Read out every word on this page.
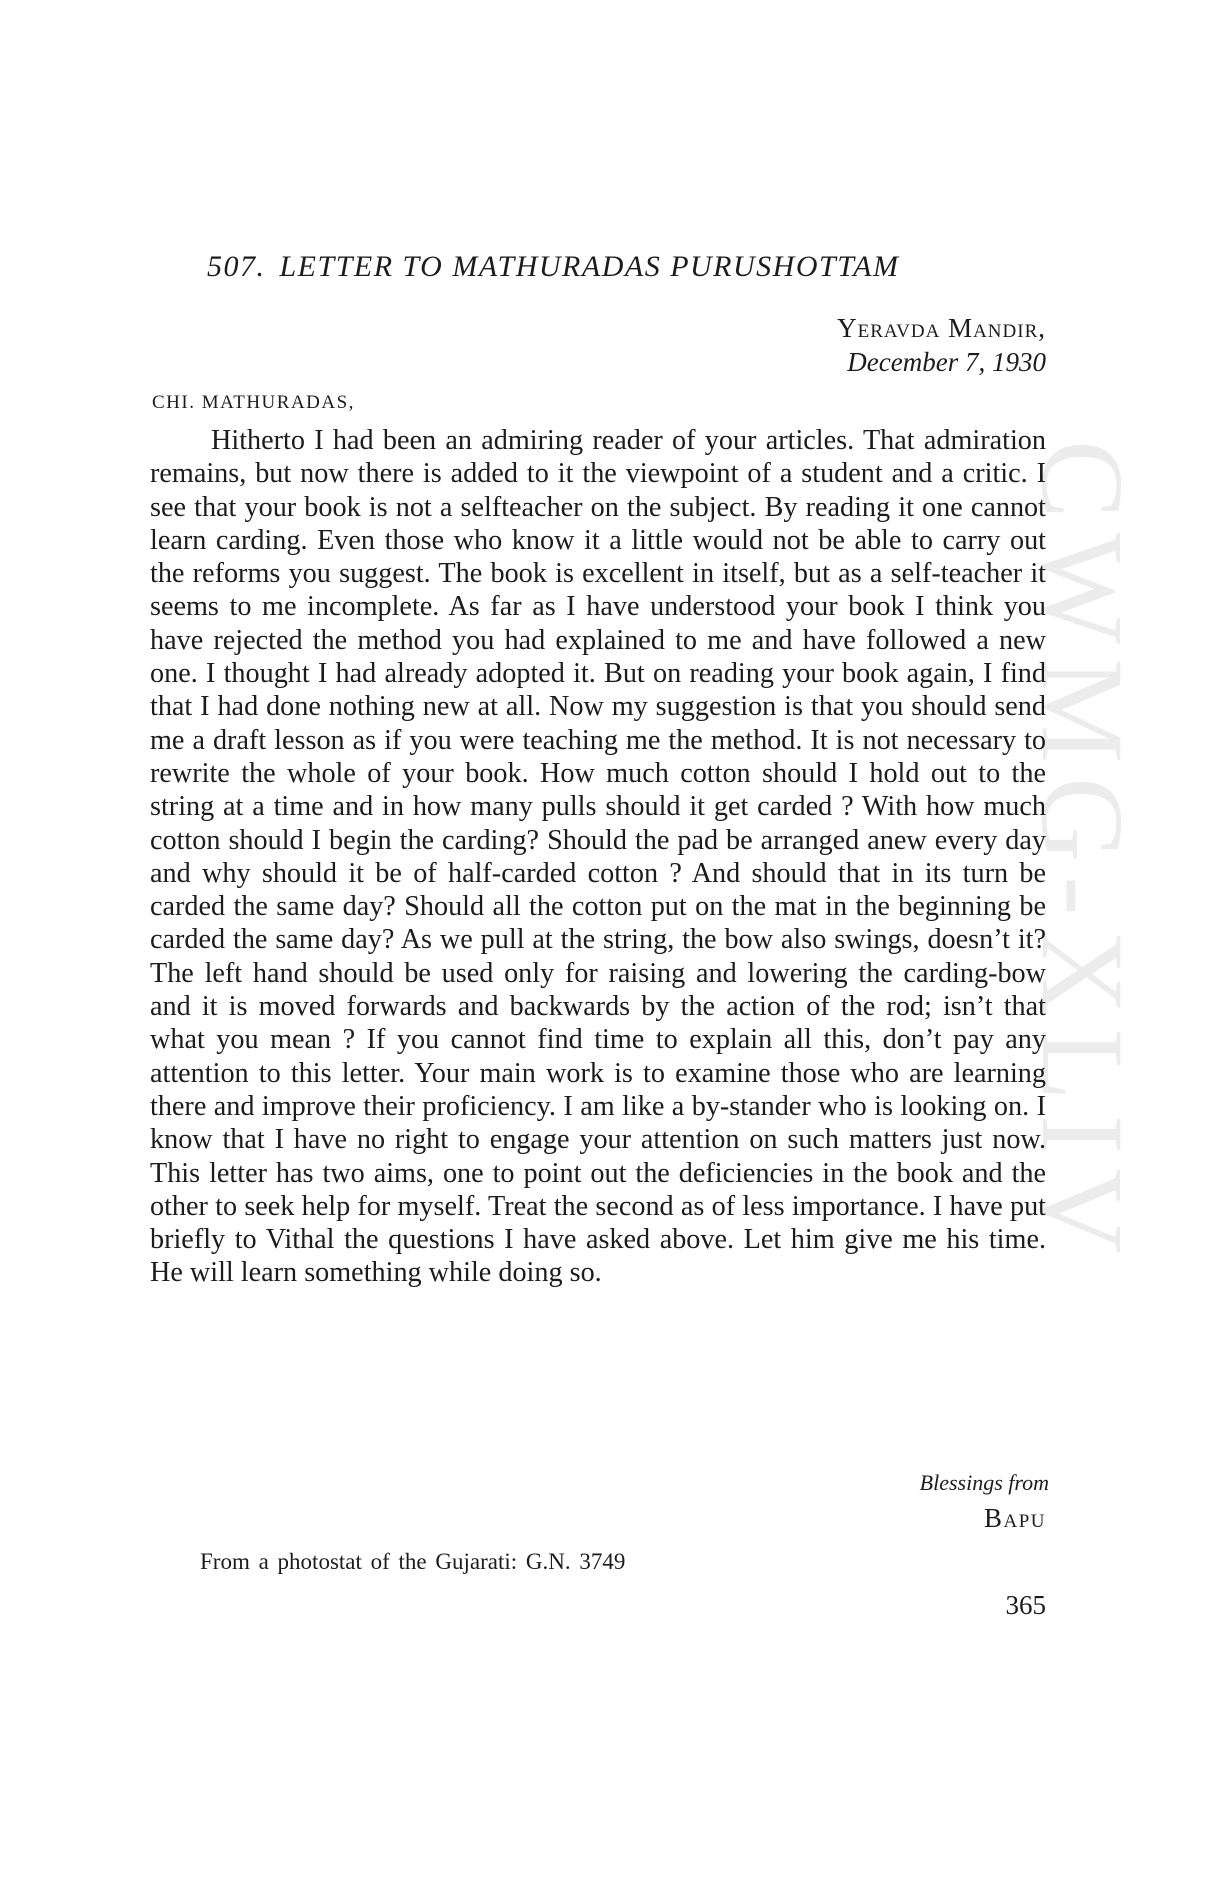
CWMG-XLIV
507. LETTER TO MATHURADAS PURUSHOTTAM
Yeravda Mandir,
December 7, 1930
CHI. MATHURADAS,

Hitherto I had been an admiring reader of your articles. That admiration remains, but now there is added to it the viewpoint of a student and a critic. I see that your book is not a selfteacher on the subject. By reading it one cannot learn carding. Even those who know it a little would not be able to carry out the reforms you suggest. The book is excellent in itself, but as a self-teacher it seems to me incomplete. As far as I have understood your book I think you have rejected the method you had explained to me and have followed a new one. I thought I had already adopted it. But on reading your book again, I find that I had done nothing new at all. Now my suggestion is that you should send me a draft lesson as if you were teaching me the method. It is not necessary to rewrite the whole of your book. How much cotton should I hold out to the string at a time and in how many pulls should it get carded ? With how much cotton should I begin the carding? Should the pad be arranged anew every day and why should it be of half-carded cotton ? And should that in its turn be carded the same day? Should all the cotton put on the mat in the beginning be carded the same day? As we pull at the string, the bow also swings, doesn’t it? The left hand should be used only for raising and lowering the carding-bow and it is moved forwards and backwards by the action of the rod; isn’t that what you mean ? If you cannot find time to explain all this, don’t pay any attention to this letter. Your main work is to examine those who are learning there and improve their proficiency. I am like a by-stander who is looking on. I know that I have no right to engage your attention on such matters just now. This letter has two aims, one to point out the deficiencies in the book and the other to seek help for myself. Treat the second as of less importance. I have put briefly to Vithal the questions I have asked above. Let him give me his time. He will learn something while doing so.

Blessings from
Bapu
From a photostat of the Gujarati: G.N. 3749
365
